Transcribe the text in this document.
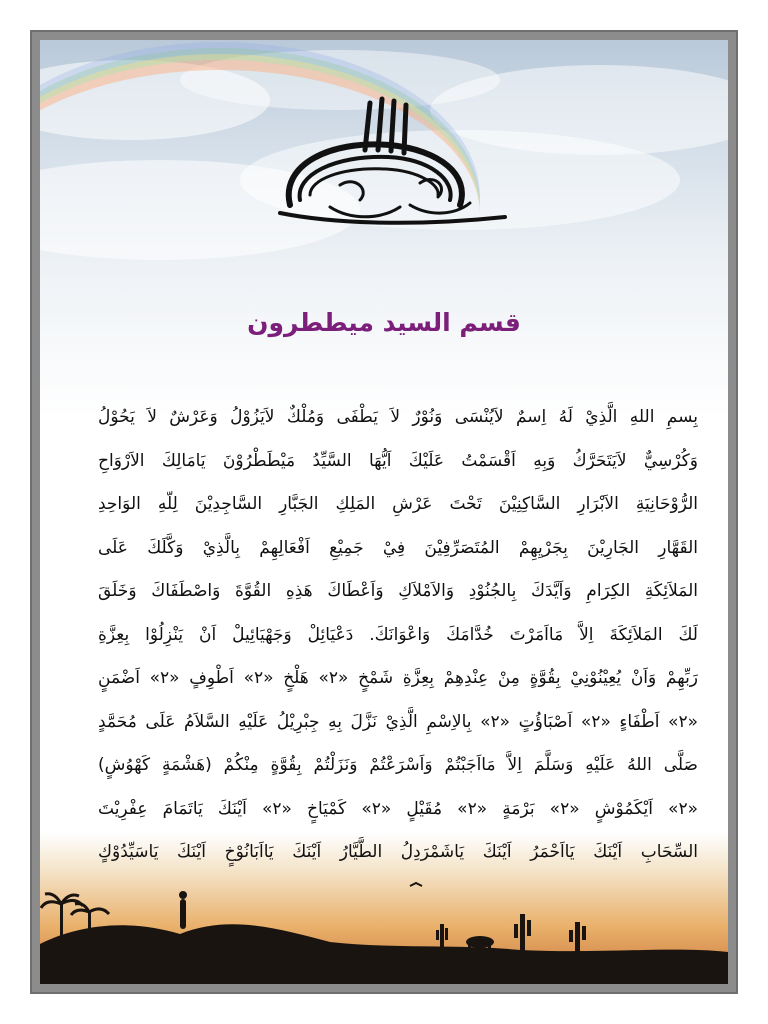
قسم السيد ميططرون
بِسمِ اللهِ الَّذِيْ لَهُ اِسمٌ لاَيُنْسَى وَنُوْرٌ لاَ يَطْفَى وَمُلْكٌ لاَيَزُوْلُ وَعَرْشٌ لاَ يَحُوْلُ
وَكُرْسِيٌّ لاَيَتَحَرَّكُ وَبِهِ اَقْسَمْتُ عَلَيْكَ اَيُّهَا السَّيِّدُ مَيْطَطْرُوْنَ يَامَالِكَ الاَرْوَاحِ
الرُّوْحَانِيَةِ الاَبْرَارِ السَّاكِنِيْنَ تَحْتَ عَرْشِ المَلِكِ الجَبَّارِ السَّاجِدِيْنَ لِلّهِ الوَاحِدِ
القَهَّارِ الجَارِيْنَ بِجَرْيِهِمْ المُتَصَرِّفِيْنَ فِيْ جَمِيْعِ اَفْعَالِهِمْ بِالَّذِيْ وَكَّلَكَ عَلَى
المَلاَئِكَةِ الكِرَامِ وَاَيَّدَكَ بِالجُنُوْدِ وَالاَمْلاَكِ وَاَعْطَاكَ هَذِهِ القُوَّةَ وَاصْطَفَاكَ وَخَلَقَ
لَكَ المَلاَئِكَةَ اِلاَّ مَااَمَرْتَ خُدَّامَكَ وَاعْوَانَكَ. دَعْيَائِلْ وَجَهْيَائِيلْ اَنْ يَنْزِلُوْا بِعِزَّةِ
رَبِّهِمْ وَاَنْ يُعِيْنُوْنِيْ بِقُوَّةٍ مِنْ عِنْدِهِمْ بِعِزَّةِ شَمْخٍ «٢» هَلْخٍ «٢» اَطْوِفٍ «٢» اَضْمَنٍ
«٢» اَطْفَاءٍ «٢» اَصْبَاؤُتٍ «٢» بِالاِسْمِ الَّذِيْ نَزَّلَ بِهِ جِبْرِيْلُ عَلَيْهِ السَّلاَمُ عَلَى مُحَمَّدٍ
صَلَّى اللهُ عَلَيْهِ وَسَلَّمَ اِلاَّ مَااَجَبْتُمْ وَاَسْرَعْتُمْ وَنَزَلْتُمْ بِقُوَّةٍ مِنْكُمْ (هَشْمَةٍ كَهْوُشٍ)
«٢» اَيْكَمُوْشٍ «٢» بَرْمَةٍ «٢» مُقَيْلٍ «٢» كَمْيَاخٍ «٢» اَيْنَكَ يَاتَمَامَ عِفْرِيْتَ
السِّحَابِ اَيْنَكَ يَااَحْمَرُ اَيْنَكَ يَاشَمْرَدِلُ الطَّيَّارُ اَيْنَكَ يَااَبَانُوْخٍ اَيْنَكَ يَاسَيِّدُوْكٍ
